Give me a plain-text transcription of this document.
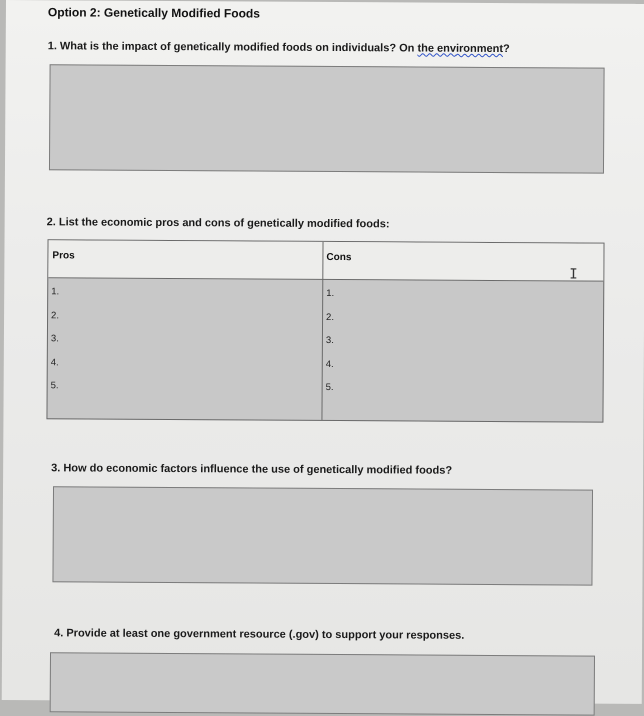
Option 2: Genetically Modified Foods
1. What is the impact of genetically modified foods on individuals? On the environment?
2. List the economic pros and cons of genetically modified foods:
Pros	Cons
1.
2.
3.
4.
5.
1.
2.
3.
4.
5.
I
3. How do economic factors influence the use of genetically modified foods?
4. Provide at least one government resource (.gov) to support your responses.
